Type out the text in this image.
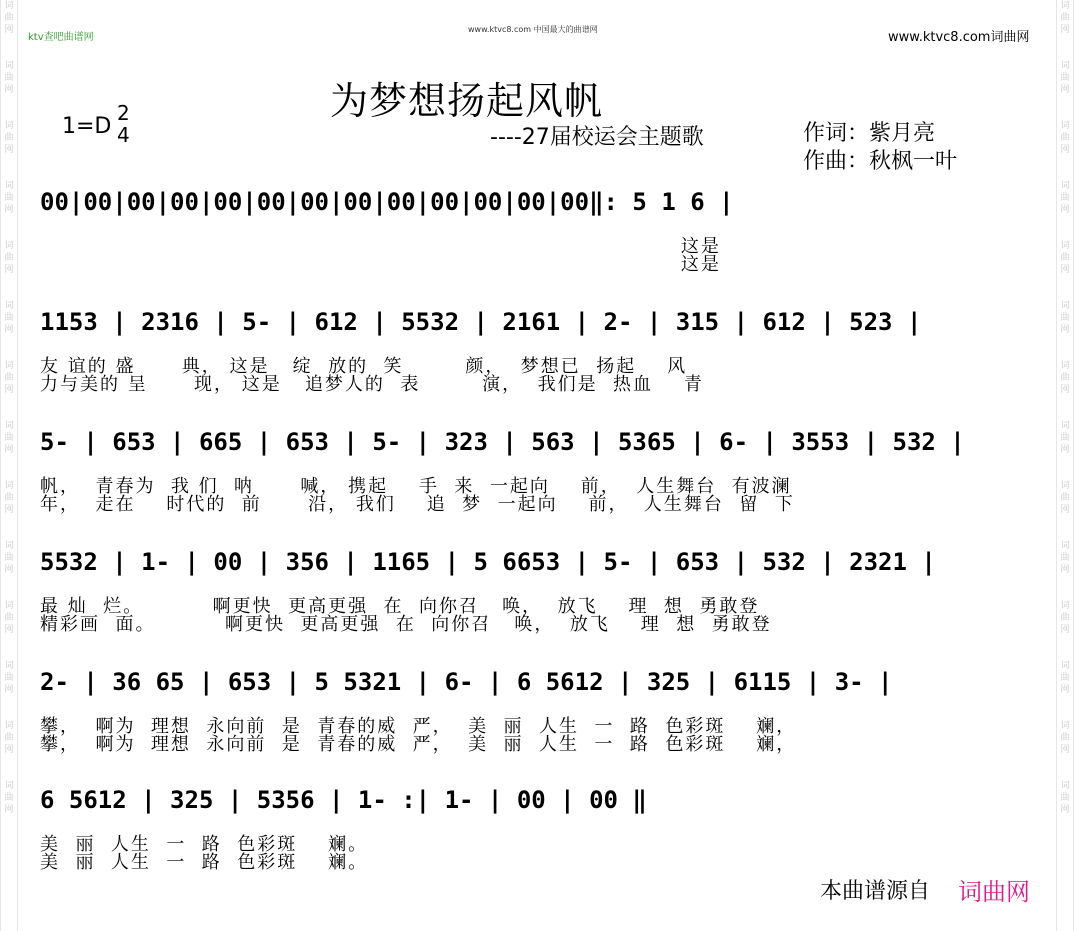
词
曲
网
词
曲
网
词
曲
网
词
曲
网
词
曲
网
词
曲
网
词
曲
网
词
曲
网
词
曲
网
词
曲
网
词
曲
网
词
曲
网
词
曲
网
词
曲
网
词
曲
网
词
曲
网
词
曲
网
词
曲
网
词
曲
网
词
曲
网
词
曲
网
词
曲
网
词
曲
网
词
曲
网
词
曲
网
词
曲
网
词
曲
网
词
曲
网
ktv查吧曲谱网
www.ktvc8.com 中国最大的曲谱网
www.ktvc8.com词曲网
为梦想扬起风帆
1=D
2
4	----27届校运会主题歌	作词：紫月亮
作曲：秋枫一叶
00|00|00|00|00|00|00|00|00|00|00|00|00‖: 5 1 6 |
这是
这是
1153 | 2316 | 5- | 612 | 5532 | 2161 | 2- | 315 | 612 | 523 |
友 谊的 盛      典， 这是   绽  放的  笑        颜，  梦想已  扬起    风
力与美的 呈      现， 这是   追梦人的  表        演，  我们是  热血    青
5- | 653 | 665 | 653 | 5- | 323 | 563 | 5365 | 6- | 3553 | 532 |
帆，  青春为  我 们  呐      喊， 携起    手  来  一起向    前，  人生舞台  有波澜
年，  走在    时代的  前      沿， 我们    追  梦  一起向    前，  人生舞台  留  下
5532 | 1- | 00 | 356 | 1165 | 5 6653 | 5- | 653 | 532 | 2321 |
最 灿  烂。         啊更快  更高更强  在  向你召   唤，  放飞    理  想  勇敢登
精彩画  面。         啊更快  更高更强  在  向你召   唤，  放飞    理  想  勇敢登
2- | 36 65 | 653 | 5 5321 | 6- | 6 5612 | 325 | 6115 | 3- |
攀，  啊为  理想  永向前  是  青春的威  严，  美  丽  人生  一  路  色彩斑    斓，
攀，  啊为  理想  永向前  是  青春的威  严，  美  丽  人生  一  路  色彩斑    斓，
6 5612 | 325 | 5356 | 1- :| 1- | 00 | 00 ‖
美  丽  人生  一  路  色彩斑    斓。
美  丽  人生  一  路  色彩斑    斓。
本曲谱源自 词曲网
